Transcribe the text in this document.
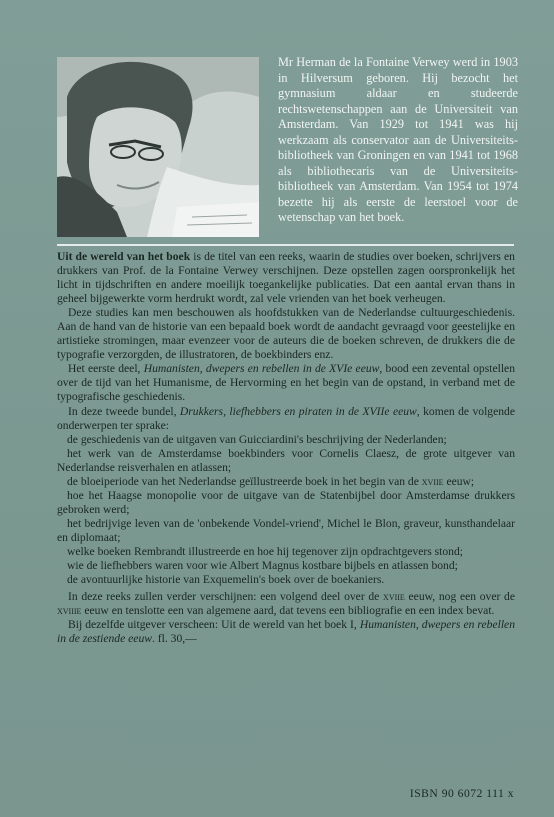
Mr Herman de la Fontaine Verwey werd in 1903 in Hilversum geboren. Hij bezocht het gymnasium aldaar en studeerde rechtswetenschappen aan de Universiteit van Amsterdam. Van 1929 tot 1941 was hij werkzaam als conservator aan de Universiteits-bibliotheek van Groningen en van 1941 tot 1968 als bibliothecaris van de Universiteits-bibliotheek van Amsterdam. Van 1954 tot 1974 bezette hij als eerste de leerstoel voor de wetenschap van het boek.

Uit de wereld van het boek is de titel van een reeks, waarin de studies over boeken, schrijvers en drukkers van Prof. de la Fontaine Verwey verschijnen. Deze opstellen zagen oorspronkelijk het licht in tijdschriften en andere moeilijk toegankelijke publicaties. Dat een aantal ervan thans in geheel bijgewerkte vorm herdrukt wordt, zal vele vrienden van het boek verheugen.

Deze studies kan men beschouwen als hoofdstukken van de Nederlandse cultuurgeschiedenis. Aan de hand van de historie van een bepaald boek wordt de aandacht gevraagd voor geestelijke en artistieke stromingen, maar evenzeer voor de auteurs die de boeken schreven, de drukkers die de typografie verzorgden, de illustratoren, de boekbinders enz.

Het eerste deel, Humanisten, dwepers en rebellen in de XVIe eeuw, bood een zevental opstellen over de tijd van het Humanisme, de Hervorming en het begin van de opstand, in verband met de typografische geschiedenis.

In deze tweede bundel, Drukkers, liefhebbers en piraten in de XVIIe eeuw, komen de volgende onderwerpen ter sprake:

de geschiedenis van de uitgaven van Guicciardini's beschrijving der Nederlanden;

het werk van de Amsterdamse boekbinders voor Cornelis Claesz, de grote uitgever van Nederlandse reisverhalen en atlassen;

de bloeiperiode van het Nederlandse geïllustreerde boek in het begin van de xviie eeuw;

hoe het Haagse monopolie voor de uitgave van de Statenbijbel door Amsterdamse drukkers gebroken werd;

het bedrijvige leven van de 'onbekende Vondel-vriend', Michel le Blon, graveur, kunsthandelaar en diplomaat;

welke boeken Rembrandt illustreerde en hoe hij tegenover zijn opdrachtgevers stond;

wie de liefhebbers waren voor wie Albert Magnus kostbare bijbels en atlassen bond;

de avontuurlijke historie van Exquemelin's boek over de boekaniers.

In deze reeks zullen verder verschijnen: een volgend deel over de xviie eeuw, nog een over de xviiie eeuw en tenslotte een van algemene aard, dat tevens een bibliografie en een index bevat.

Bij dezelfde uitgever verscheen: Uit de wereld van het boek I, Humanisten, dwepers en rebellen in de zestiende eeuw. fl. 30,—

ISBN 90 6072 111 x
